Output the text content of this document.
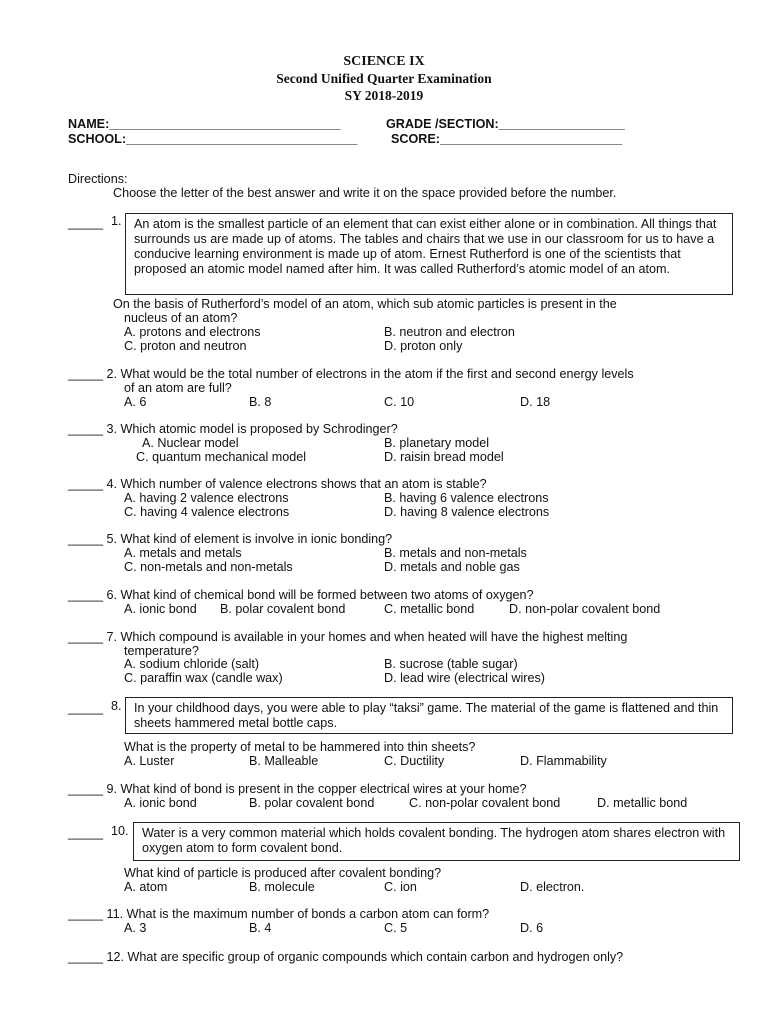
SCIENCE IX
Second Unified Quarter Examination
SY 2018-2019
NAME:_________________________________	GRADE /SECTION:__________________
SCHOOL:_________________________________	SCORE:__________________________
Directions:
Choose the letter of the best answer and write it on the space provided before the number.
_____ 1. An atom is the smallest particle of an element that can exist either alone or in combination. All things that surrounds us are made up of atoms. The tables and chairs that we use in our classroom for us to have a conducive learning environment is made up of atom. Ernest Rutherford is one of the scientists that proposed an atomic model named after him. It was called Rutherford’s atomic model of an atom.
On the basis of Rutherford’s model of an atom, which sub atomic particles is present in the
nucleus of an atom?
A. protons and electrons	B. neutron and electron
C. proton and neutron	D. proton only
_____ 2. What would be the total number of electrons in the atom if the first and second energy levels
of an atom are full?
A. 6	B. 8	C. 10	D. 18
_____ 3. Which atomic model is proposed by Schrodinger?
A. Nuclear model	B. planetary model
C. quantum mechanical model	D. raisin bread model
_____ 4. Which number of valence electrons shows that an atom is stable?
A. having 2 valence electrons	B. having 6 valence electrons
C. having 4 valence electrons	D. having 8 valence electrons
_____ 5. What kind of element is involve in ionic bonding?
A. metals and metals	B. metals and non-metals
C. non-metals and non-metals	D. metals and noble gas
_____ 6. What kind of chemical bond will be formed between two atoms of oxygen?
A. ionic bond B. polar covalent bond	C. metallic bond	D. non-polar covalent bond
_____ 7. Which compound is available in your homes and when heated will have the highest melting
temperature?
A. sodium chloride (salt)	B. sucrose (table sugar)
C. paraffin wax (candle wax)	D. lead wire (electrical wires)
_____ 8. In your childhood days, you were able to play “taksi” game. The material of the game is flattened and thin sheets hammered metal bottle caps.
What is the property of metal to be hammered into thin sheets?
A. Luster	B. Malleable	C. Ductility	D. Flammability
_____ 9. What kind of bond is present in the copper electrical wires at your home?
A. ionic bond	B. polar covalent bond	C. non-polar covalent bond	D. metallic bond
_____ 10.	Water is a very common material which holds covalent bonding. The hydrogen atom shares electron with oxygen atom to form covalent bond.
What kind of particle is produced after covalent bonding?
A. atom	B. molecule	C. ion	D. electron.
_____ 11. What is the maximum number of bonds a carbon atom can form?
A. 3	B. 4	C. 5	D. 6
_____ 12. What are specific group of organic compounds which contain carbon and hydrogen only?
